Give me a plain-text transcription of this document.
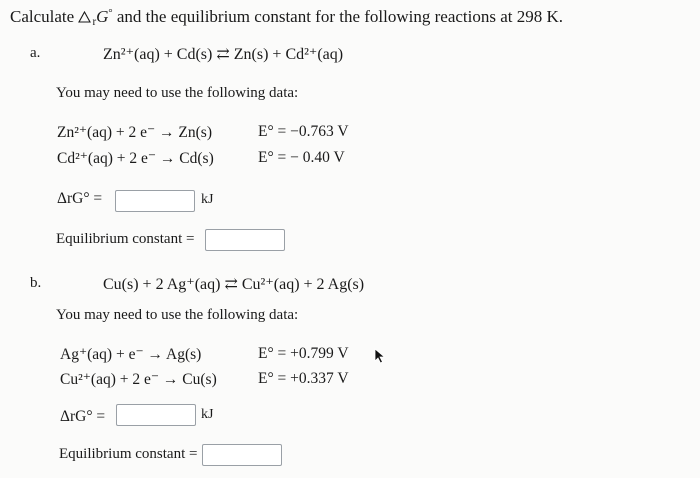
Calculate
$_r$G° and the equilibrium constant for the following reactions at 298 K.
a.	Zn²⁺(aq) + Cd(s) ⇄ Zn(s) + Cd²⁺(aq)
You may need to use the following data:
Zn²⁺(aq) + 2 e⁻ → Zn(s)	E° = −0.763 V
Cd²⁺(aq) + 2 e⁻ → Cd(s)	E° = − 0.40 V
ΔrG° =	kJ
Equilibrium constant =
b.	Cu(s) + 2 Ag⁺(aq) ⇄ Cu²⁺(aq) + 2 Ag(s)
You may need to use the following data:
Ag⁺(aq) + e⁻ → Ag(s)	E° = +0.799 V
Cu²⁺(aq) + 2 e⁻ → Cu(s)	E° = +0.337 V
ΔrG° =	kJ
Equilibrium constant =
